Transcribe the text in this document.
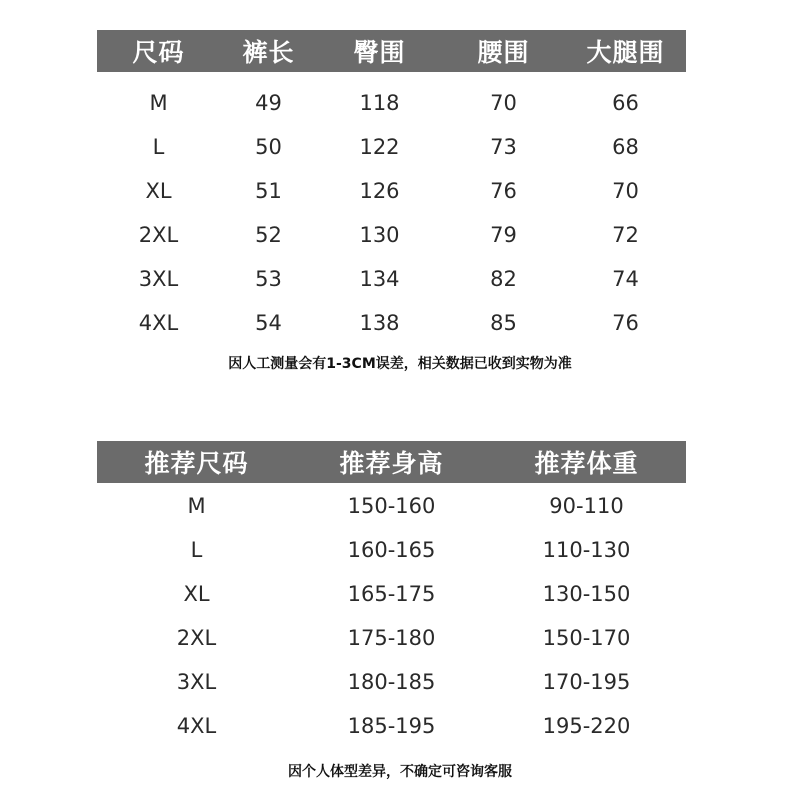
尺码	裤长	臀围	腰围	大腿围
M	49	118	70	66
L	50	122	73	68
XL	51	126	76	70
2XL	52	130	79	72
3XL	53	134	82	74
4XL	54	138	85	76
因人工测量会有1-3CM误差，相关数据已收到实物为准
推荐尺码	推荐身高	推荐体重
M	150-160	90-110
L	160-165	110-130
XL	165-175	130-150
2XL	175-180	150-170
3XL	180-185	170-195
4XL	185-195	195-220
因个人体型差异，不确定可咨询客服
